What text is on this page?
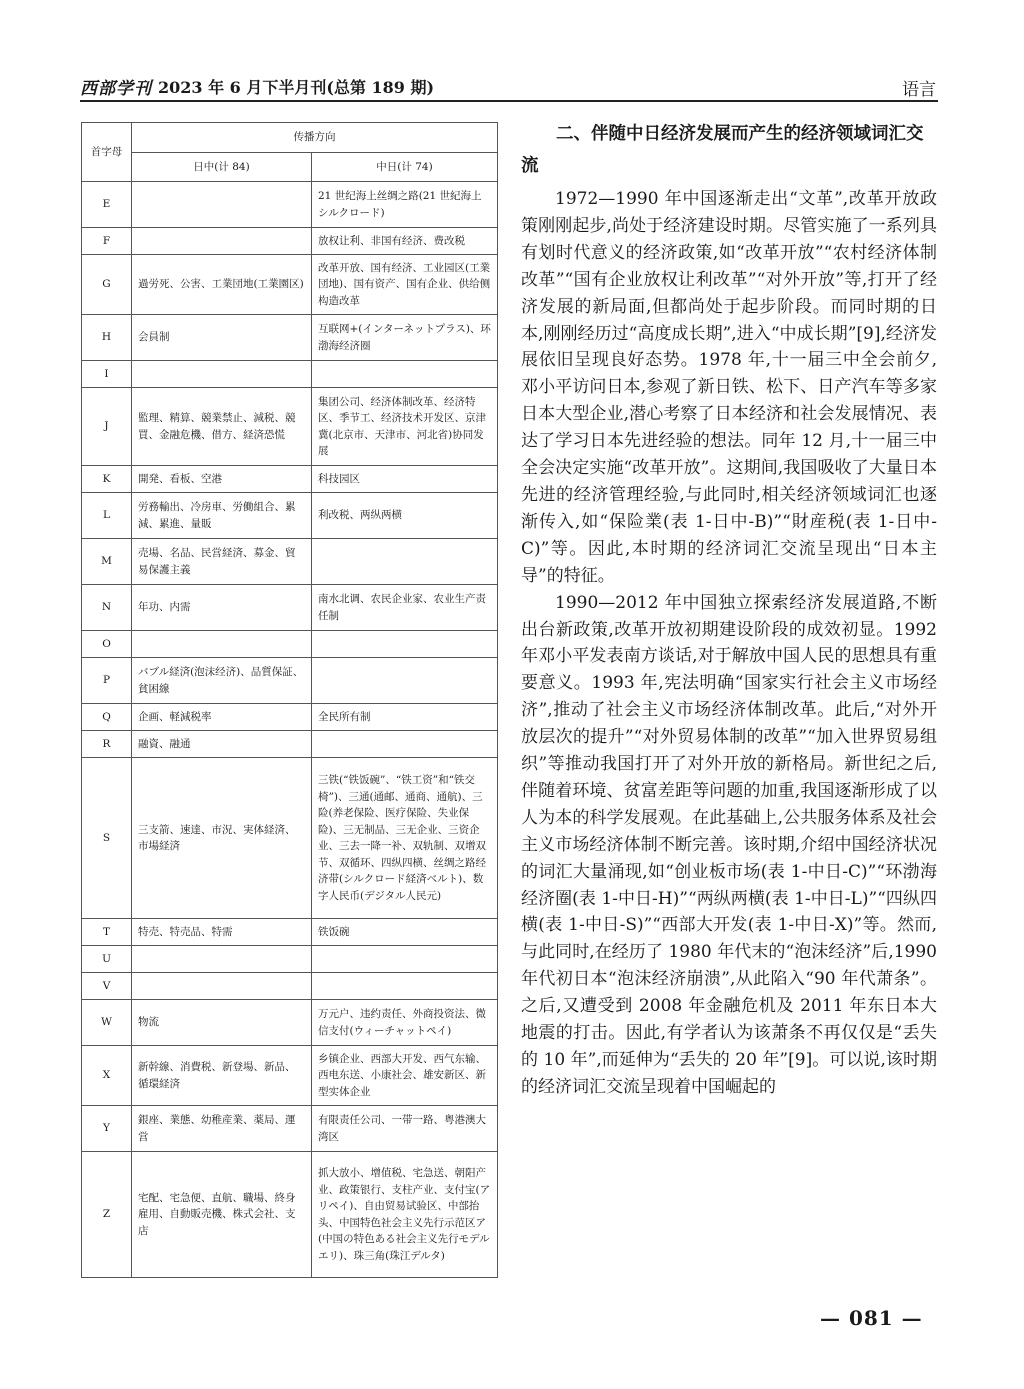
西部学刊 2023 年 6 月下半月刊(总第 189 期)	语言
首字母	传播方向	
	日中(计 84)	中日(计 74)
E		21 世纪海上丝绸之路(21 世紀海上シルクロード)
F		放权让利、非国有经济、费改税
G	過労死、公害、工業団地(工業園区)	改革开放、国有经济、工业园区(工業団地)、国有资产、国有企业、供给侧构造改革
H	会員制	互联网+(インターネットプラス)、环渤海经济圈
I		
J	監理、精算、競業禁止、減税、競買、金融危機、借方、経済恐慌	集团公司、经济体制改革、经济特区、季节工、经济技术开发区、京津冀(北京市、天津市、河北省)协同发展
K	開発、看板、空港	科技园区
L	労務輸出、冷房車、労働組合、累減、累進、量販	利改税、两纵两横
M	売場、名品、民営経済、募金、貿易保護主義	
N	年功、内需	南水北调、农民企业家、农业生产责任制
O		
P	バブル経済(泡沫经济)、品質保証、貧困線	
Q	企画、軽減税率	全民所有制
R	融資、融通	
S	三支箭、速達、市況、実体経済、市場経済	三铁(“铁饭碗”、“铁工资”和“铁交椅”)、三通(通邮、通商、通航)、三险(养老保险、医疗保险、失业保险)、三无制品、三无企业、三资企业、三去一降一补、双轨制、双增双节、双循环、四纵四横、丝绸之路经济带(シルクロード経済ベルト)、数字人民币(デジタル人民元)
T	特売、特売品、特需	铁饭碗
U		
V		
W	物流	万元户、违约责任、外商投资法、微信支付(ウィーチャットペイ)
X	新幹線、消費税、新登場、新品、循環経済	乡镇企业、西部大开发、西气东输、西电东送、小康社会、雄安新区、新型实体企业
Y	銀座、業態、幼稚産業、薬局、運営	有限责任公司、一带一路、粤港澳大湾区
Z	宅配、宅急便、直航、職場、終身雇用、自動販売機、株式会社、支店	抓大放小、增值税、宅急送、朝阳产业、政策银行、支柱产业、支付宝(アリペイ)、自由贸易试验区、中部抬头、中国特色社会主义先行示范区ア(中国の特色ある社会主义先行モデルエリ)、珠三角(珠江デルタ)
二、伴随中日经济发展而产生的经济领域词汇交流

1972—1990 年中国逐渐走出“文革”,改革开放政策刚刚起步,尚处于经济建设时期。尽管实施了一系列具有划时代意义的经济政策,如“改革开放”“农村经济体制改革”“国有企业放权让利改革”“对外开放”等,打开了经济发展的新局面,但都尚处于起步阶段。而同时期的日本,刚刚经历过“高度成长期”,进入“中成长期”[9],经济发展依旧呈现良好态势。1978 年,十一届三中全会前夕,邓小平访问日本,参观了新日铁、松下、日产汽车等多家日本大型企业,潜心考察了日本经济和社会发展情况、表达了学习日本先进经验的想法。同年 12 月,十一届三中全会决定实施“改革开放”。这期间,我国吸收了大量日本先进的经济管理经验,与此同时,相关经济领域词汇也逐渐传入,如“保险業(表 1-日中-B)”“財産税(表 1-日中-C)”等。因此,本时期的经济词汇交流呈现出“日本主导”的特征。

1990—2012 年中国独立探索经济发展道路,不断出台新政策,改革开放初期建设阶段的成效初显。1992 年邓小平发表南方谈话,对于解放中国人民的思想具有重要意义。1993 年,宪法明确“国家实行社会主义市场经济”,推动了社会主义市场经济体制改革。此后,“对外开放层次的提升”“对外贸易体制的改革”“加入世界贸易组织”等推动我国打开了对外开放的新格局。新世纪之后,伴随着环境、贫富差距等问题的加重,我国逐渐形成了以人为本的科学发展观。在此基础上,公共服务体系及社会主义市场经济体制不断完善。该时期,介绍中国经济状况的词汇大量涌现,如“创业板市场(表 1-中日-C)”“环渤海经济圈(表 1-中日-H)”“两纵两横(表 1-中日-L)”“四纵四横(表 1-中日-S)”“西部大开发(表 1-中日-X)”等。然而,与此同时,在经历了 1980 年代末的“泡沫经济”后,1990 年代初日本“泡沫经济崩溃”,从此陷入“90 年代萧条”。之后,又遭受到 2008 年金融危机及 2011 年东日本大地震的打击。因此,有学者认为该萧条不再仅仅是“丢失的 10 年”,而延伸为“丢失的 20 年”[9]。可以说,该时期的经济词汇交流呈现着中国崛起的

— 081 —
